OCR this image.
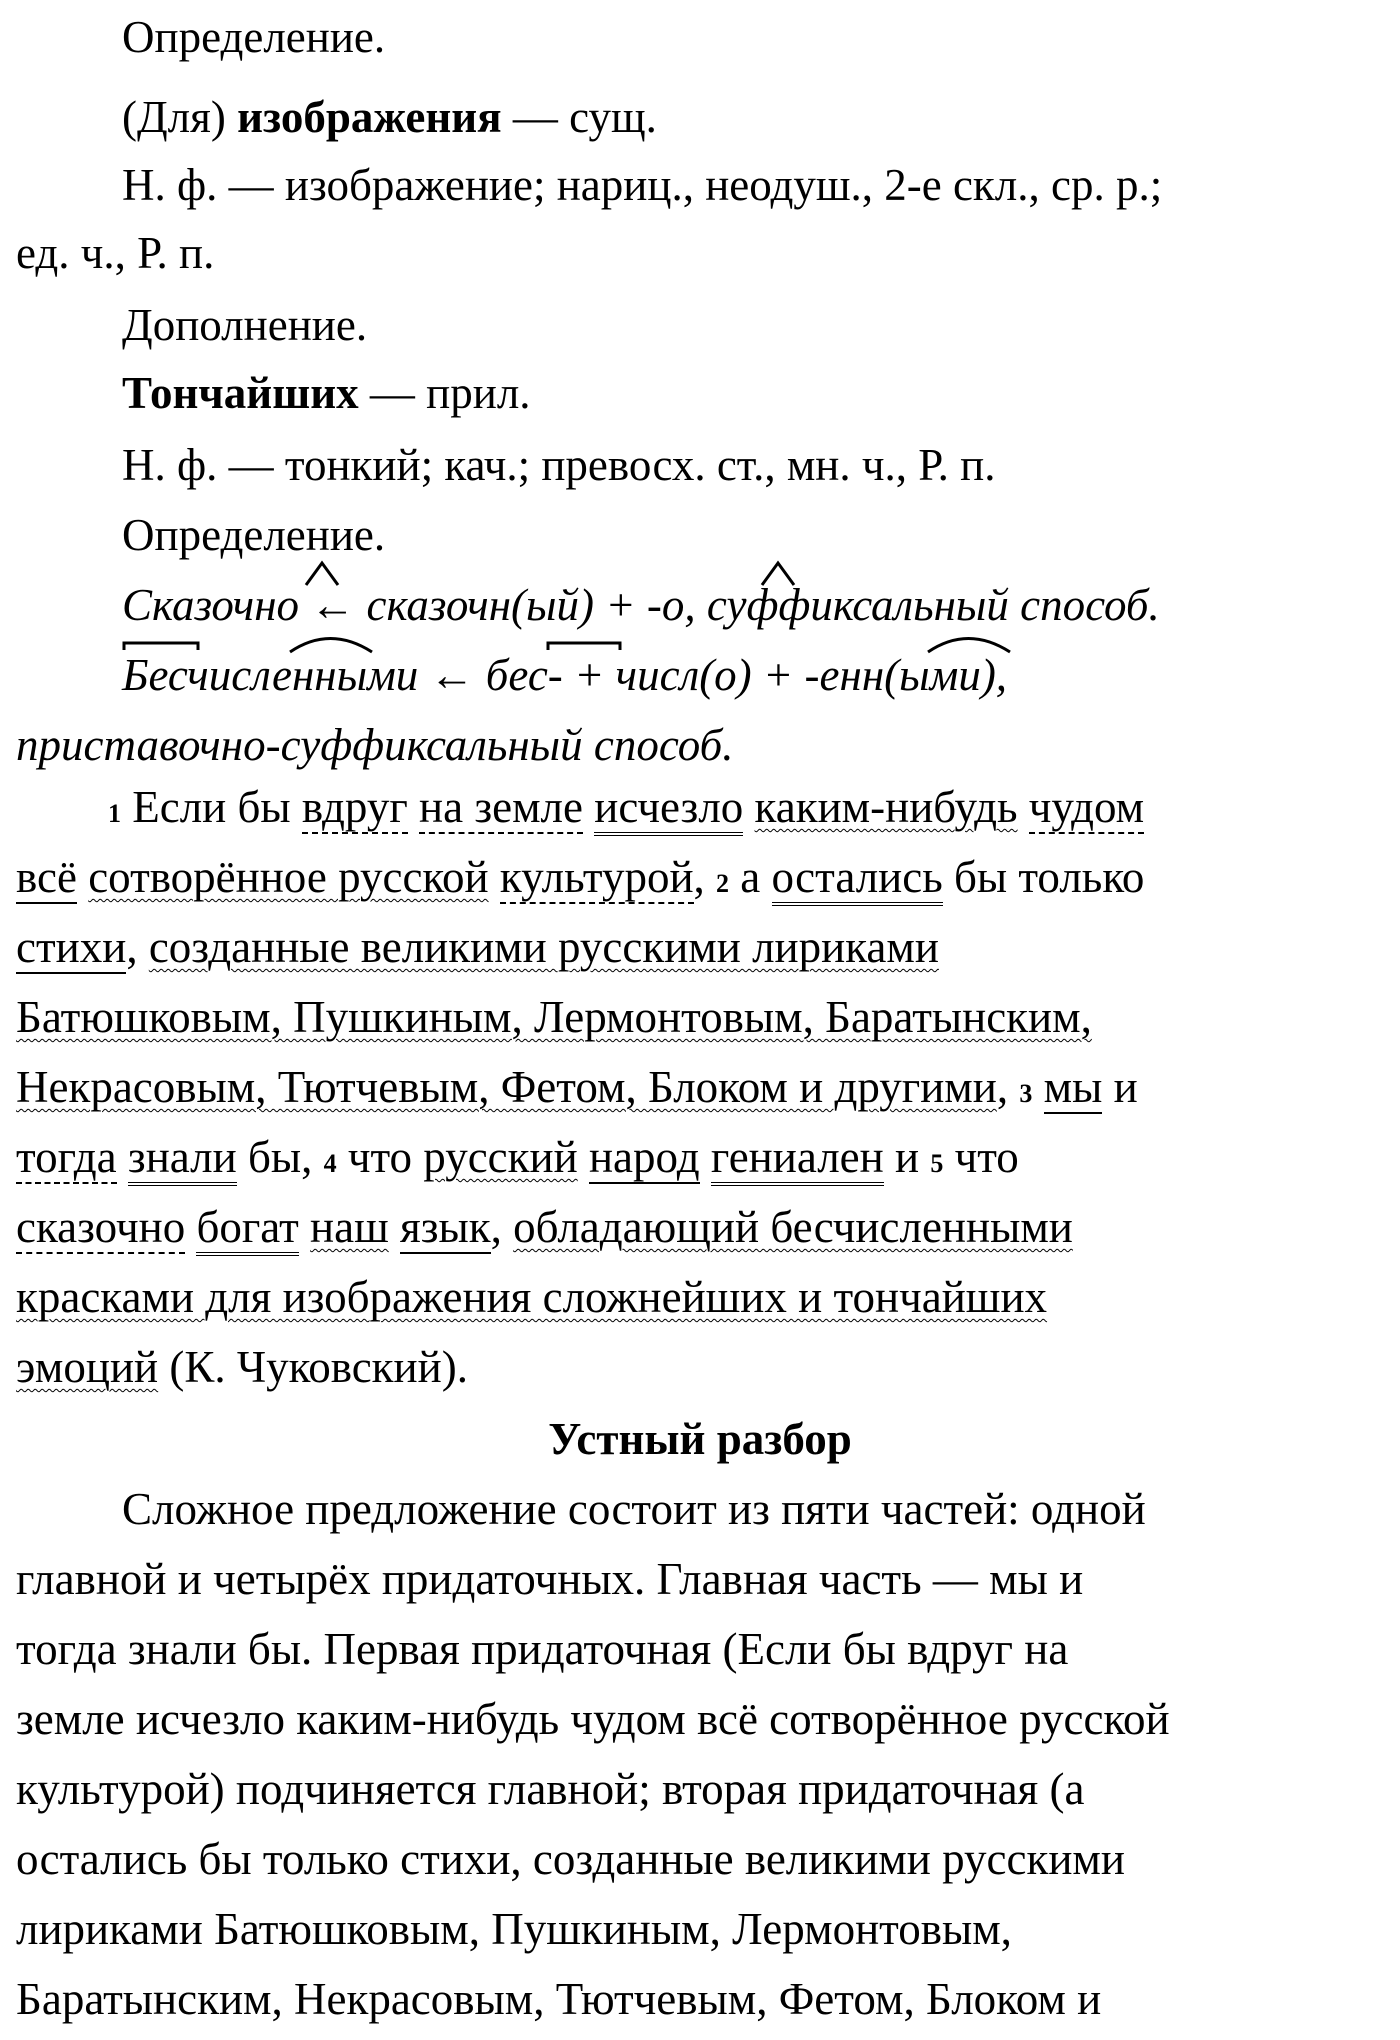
Определение.
(Для) изображения — сущ.
Н. ф. — изображение; нариц., неодуш., 2-е скл., ср. р.;
ед. ч., Р. п.
Дополнение.
Тончайших — прил.
Н. ф. — тонкий; кач.; превосх. ст., мн. ч., Р. п.
Определение.
Сказочно ← сказочн(ый) + -о, суффиксальный способ.
Бесчисленными ← бес- + числ(о) + -енн(ыми),
приставочно-суффиксальный способ.
1 Если бы вдруг на земле исчезло каким-нибудь чудом
всё сотворённое русской культурой, 2 а остались бы только
стихи, созданные великими русскими лириками
Батюшковым, Пушкиным, Лермонтовым, Баратынским,
Некрасовым, Тютчевым, Фетом, Блоком и другими, 3 мы и
тогда знали бы, 4 что русский народ гениален и 5 что
сказочно богат наш язык, обладающий бесчисленными
красками для изображения сложнейших и тончайших
эмоций (К. Чуковский).
Устный разбор
Сложное предложение состоит из пяти частей: одной
главной и четырёх придаточных. Главная часть — мы и
тогда знали бы. Первая придаточная (Если бы вдруг на
земле исчезло каким-нибудь чудом всё сотворённое русской
культурой) подчиняется главной; вторая придаточная (а
остались бы только стихи, созданные великими русскими
лириками Батюшковым, Пушкиным, Лермонтовым,
Баратынским, Некрасовым, Тютчевым, Фетом, Блоком и
